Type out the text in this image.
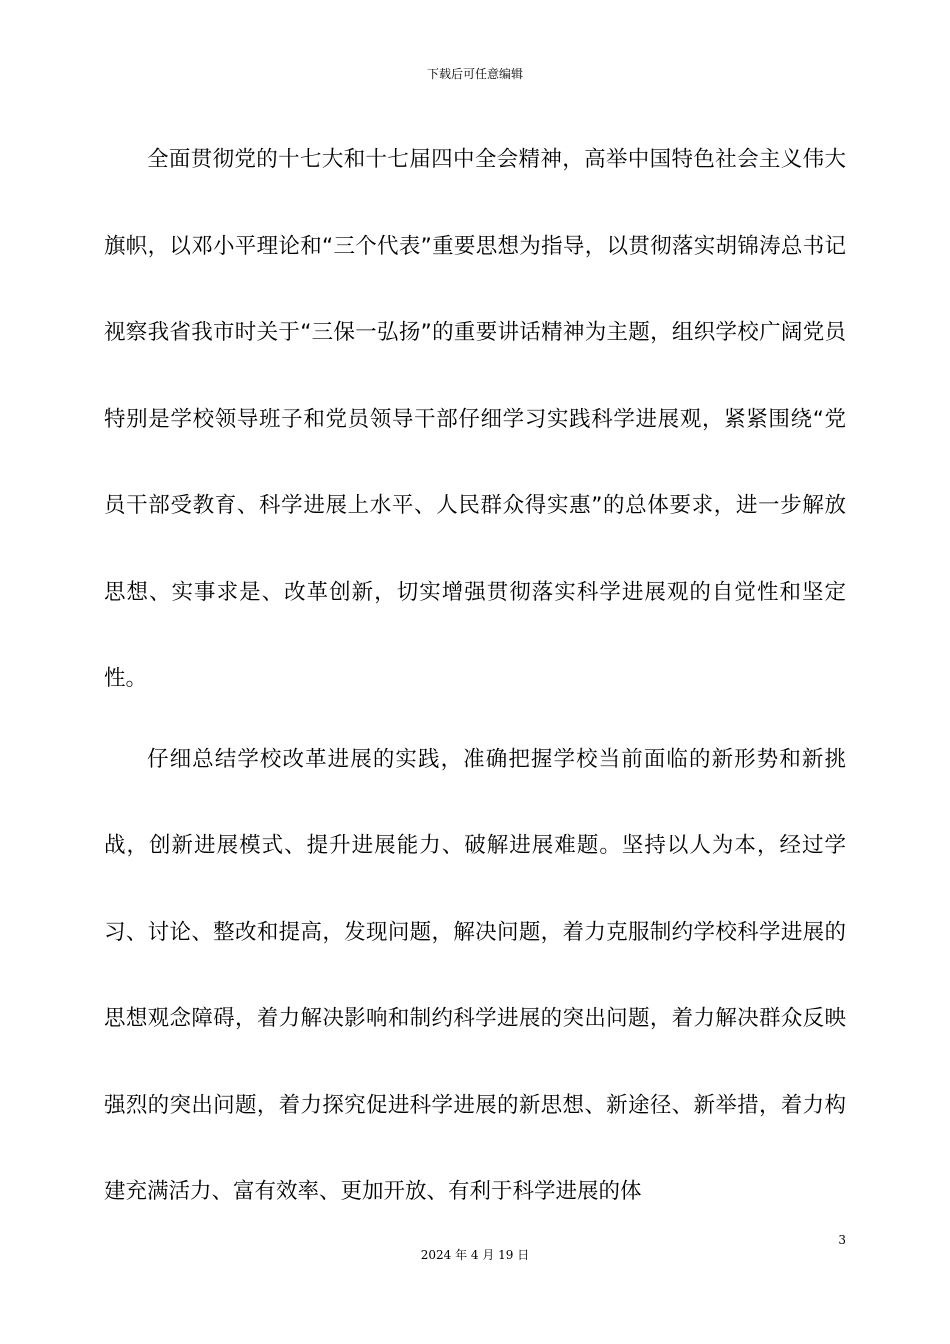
下载后可任意编辑

全面贯彻党的十七大和十七届四中全会精神，高举中国特色社会主义伟大旗帜，以邓小平理论和“三个代表”重要思想为指导，以贯彻落实胡锦涛总书记视察我省我市时关于“三保一弘扬”的重要讲话精神为主题，组织学校广阔党员特别是学校领导班子和党员领导干部仔细学习实践科学进展观，紧紧围绕“党员干部受教育、科学进展上水平、人民群众得实惠”的总体要求，进一步解放思想、实事求是、改革创新，切实增强贯彻落实科学进展观的自觉性和坚定性。

仔细总结学校改革进展的实践，准确把握学校当前面临的新形势和新挑战，创新进展模式、提升进展能力、破解进展难题。坚持以人为本，经过学习、讨论、整改和提高，发现问题，解决问题，着力克服制约学校科学进展的思想观念障碍，着力解决影响和制约科学进展的突出问题，着力解决群众反映强烈的突出问题，着力探究促进科学进展的新思想、新途径、新举措，着力构建充满活力、富有效率、更加开放、有利于科学进展的体

3
2024 年 4 月 19 日
